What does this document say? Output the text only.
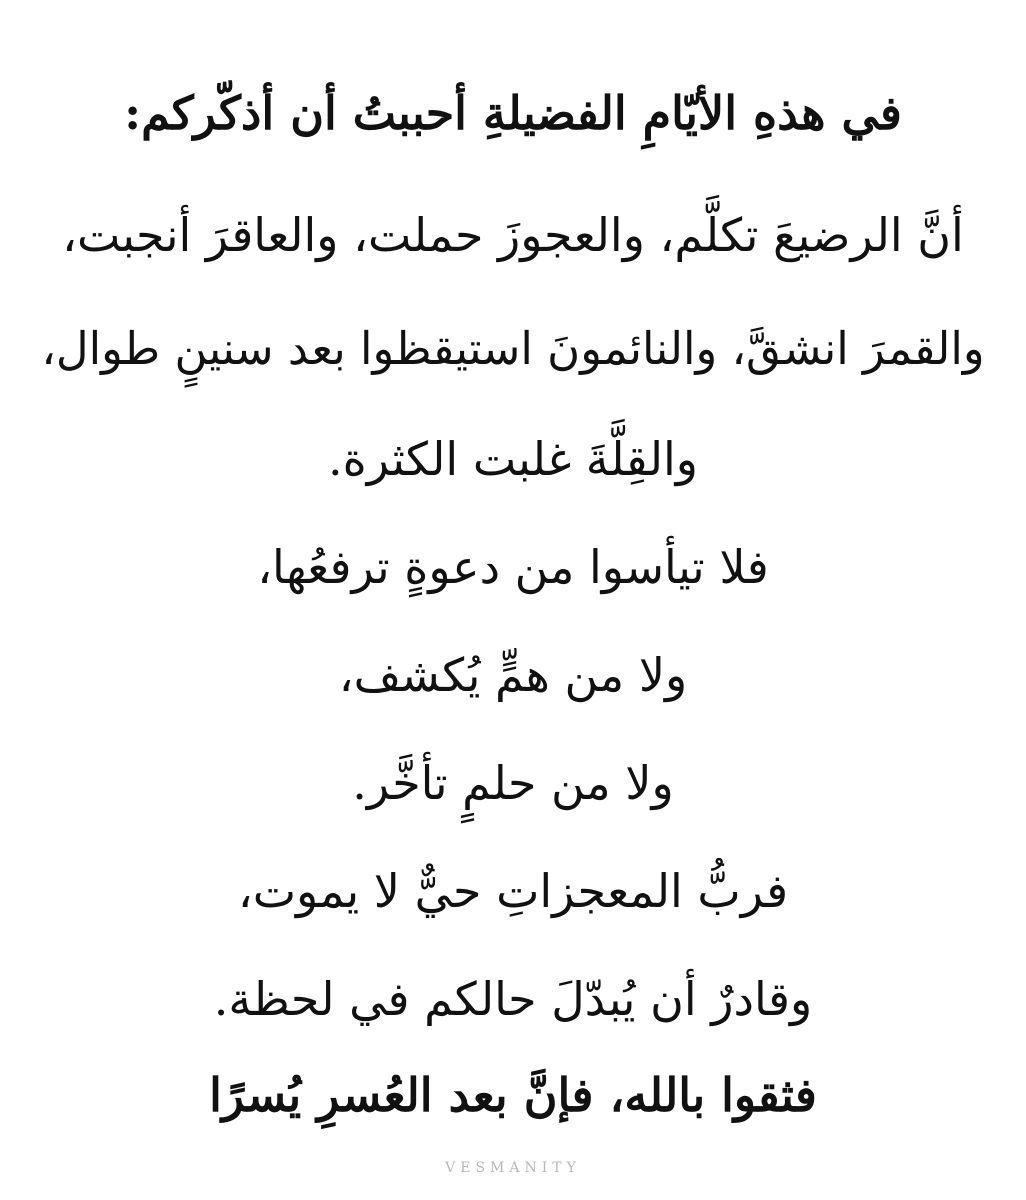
في هذهِ الأيّامِ الفضيلةِ أحببتُ أن أذكّركم:
أنَّ الرضيعَ تكلَّم، والعجوزَ حملت، والعاقرَ أنجبت،
والقمرَ انشقَّ، والنائمونَ استيقظوا بعد سنينٍ طوال،
والقِلَّةَ غلبت الكثرة.
فلا تيأسوا من دعوةٍ ترفعُها،
ولا من همٍّ يُكشف،
ولا من حلمٍ تأخَّر.
فربُّ المعجزاتِ حيٌّ لا يموت،
وقادرٌ أن يُبدّلَ حالكم في لحظة.
فثقوا بالله، فإنَّ بعد العُسرِ يُسرًا
VESMANITY
